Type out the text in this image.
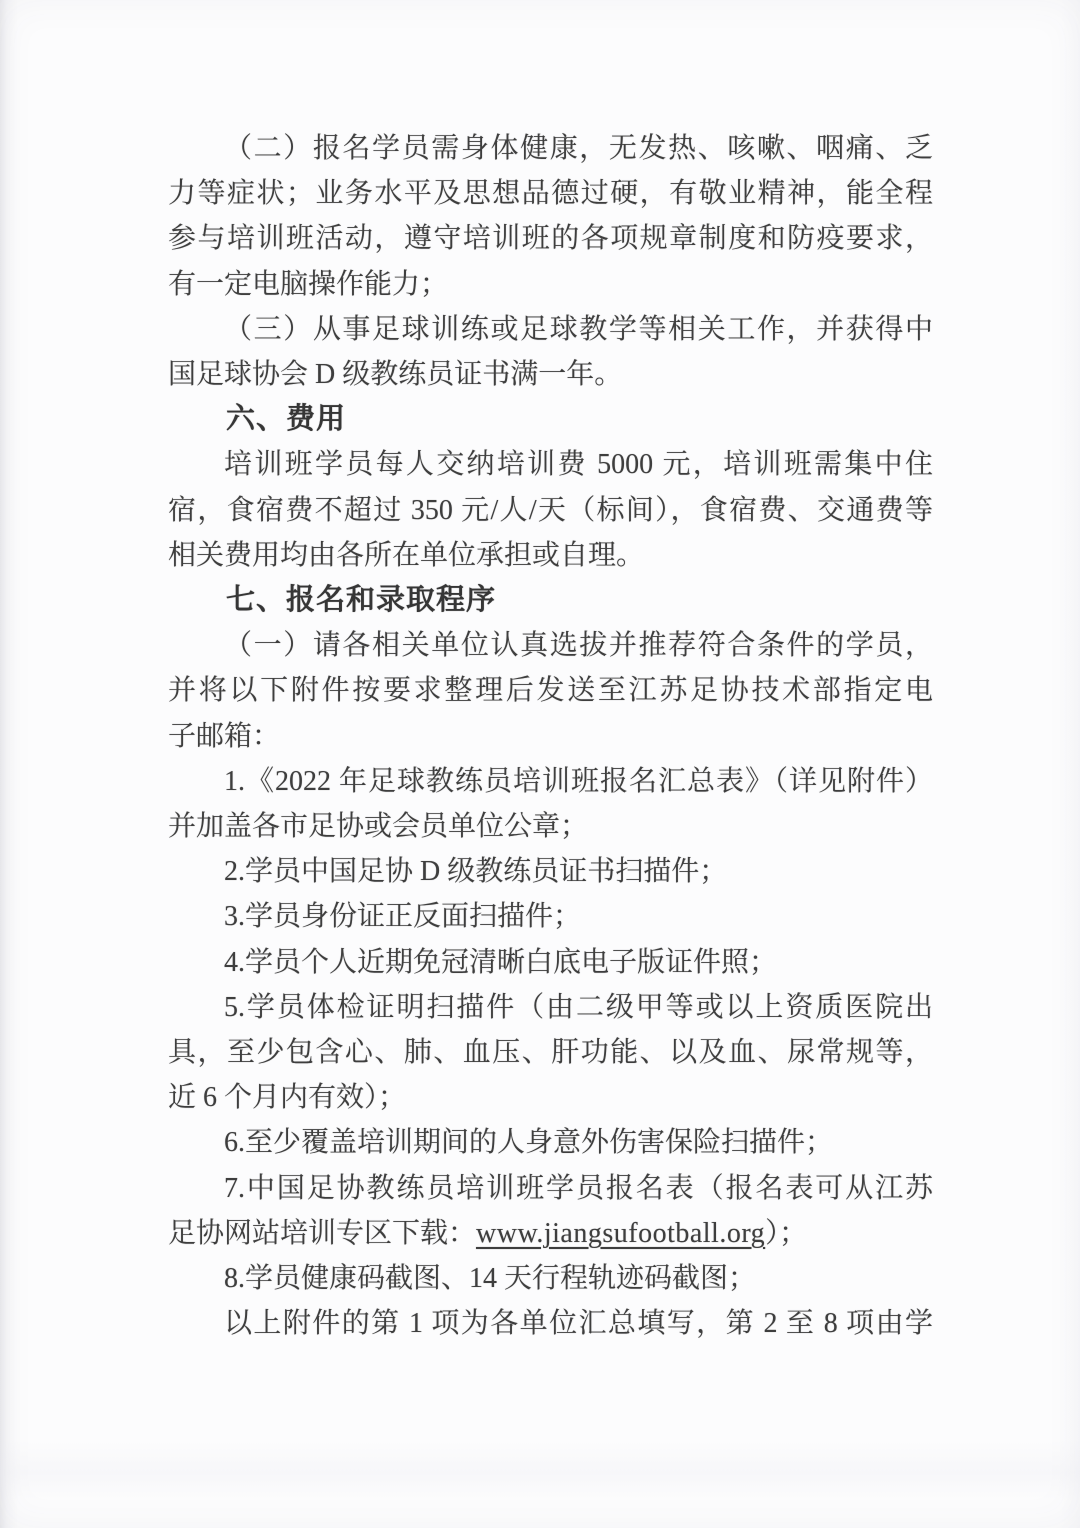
（二）报名学员需身体健康，无发热、咳嗽、咽痛、乏
力等症状；业务水平及思想品德过硬，有敬业精神，能全程
参与培训班活动，遵守培训班的各项规章制度和防疫要求，
有一定电脑操作能力；
（三）从事足球训练或足球教学等相关工作，并获得中
国足球协会 D 级教练员证书满一年。
六、费用
培训班学员每人交纳培训费 5000 元，培训班需集中住
宿，食宿费不超过 350 元/人/天（标间），食宿费、交通费等
相关费用均由各所在单位承担或自理。
七、报名和录取程序
（一）请各相关单位认真选拔并推荐符合条件的学员，
并将以下附件按要求整理后发送至江苏足协技术部指定电
子邮箱：
1.《2022 年足球教练员培训班报名汇总表》（详见附件）
并加盖各市足协或会员单位公章；
2.学员中国足协 D 级教练员证书扫描件；
3.学员身份证正反面扫描件；
4.学员个人近期免冠清晰白底电子版证件照；
5.学员体检证明扫描件（由二级甲等或以上资质医院出
具，至少包含心、肺、血压、肝功能、以及血、尿常规等，
近 6 个月内有效）；
6.至少覆盖培训期间的人身意外伤害保险扫描件；
7.中国足协教练员培训班学员报名表（报名表可从江苏
足协网站培训专区下载：www.jiangsufootball.org）；
8.学员健康码截图、14 天行程轨迹码截图；
以上附件的第 1 项为各单位汇总填写，第 2 至 8 项由学
